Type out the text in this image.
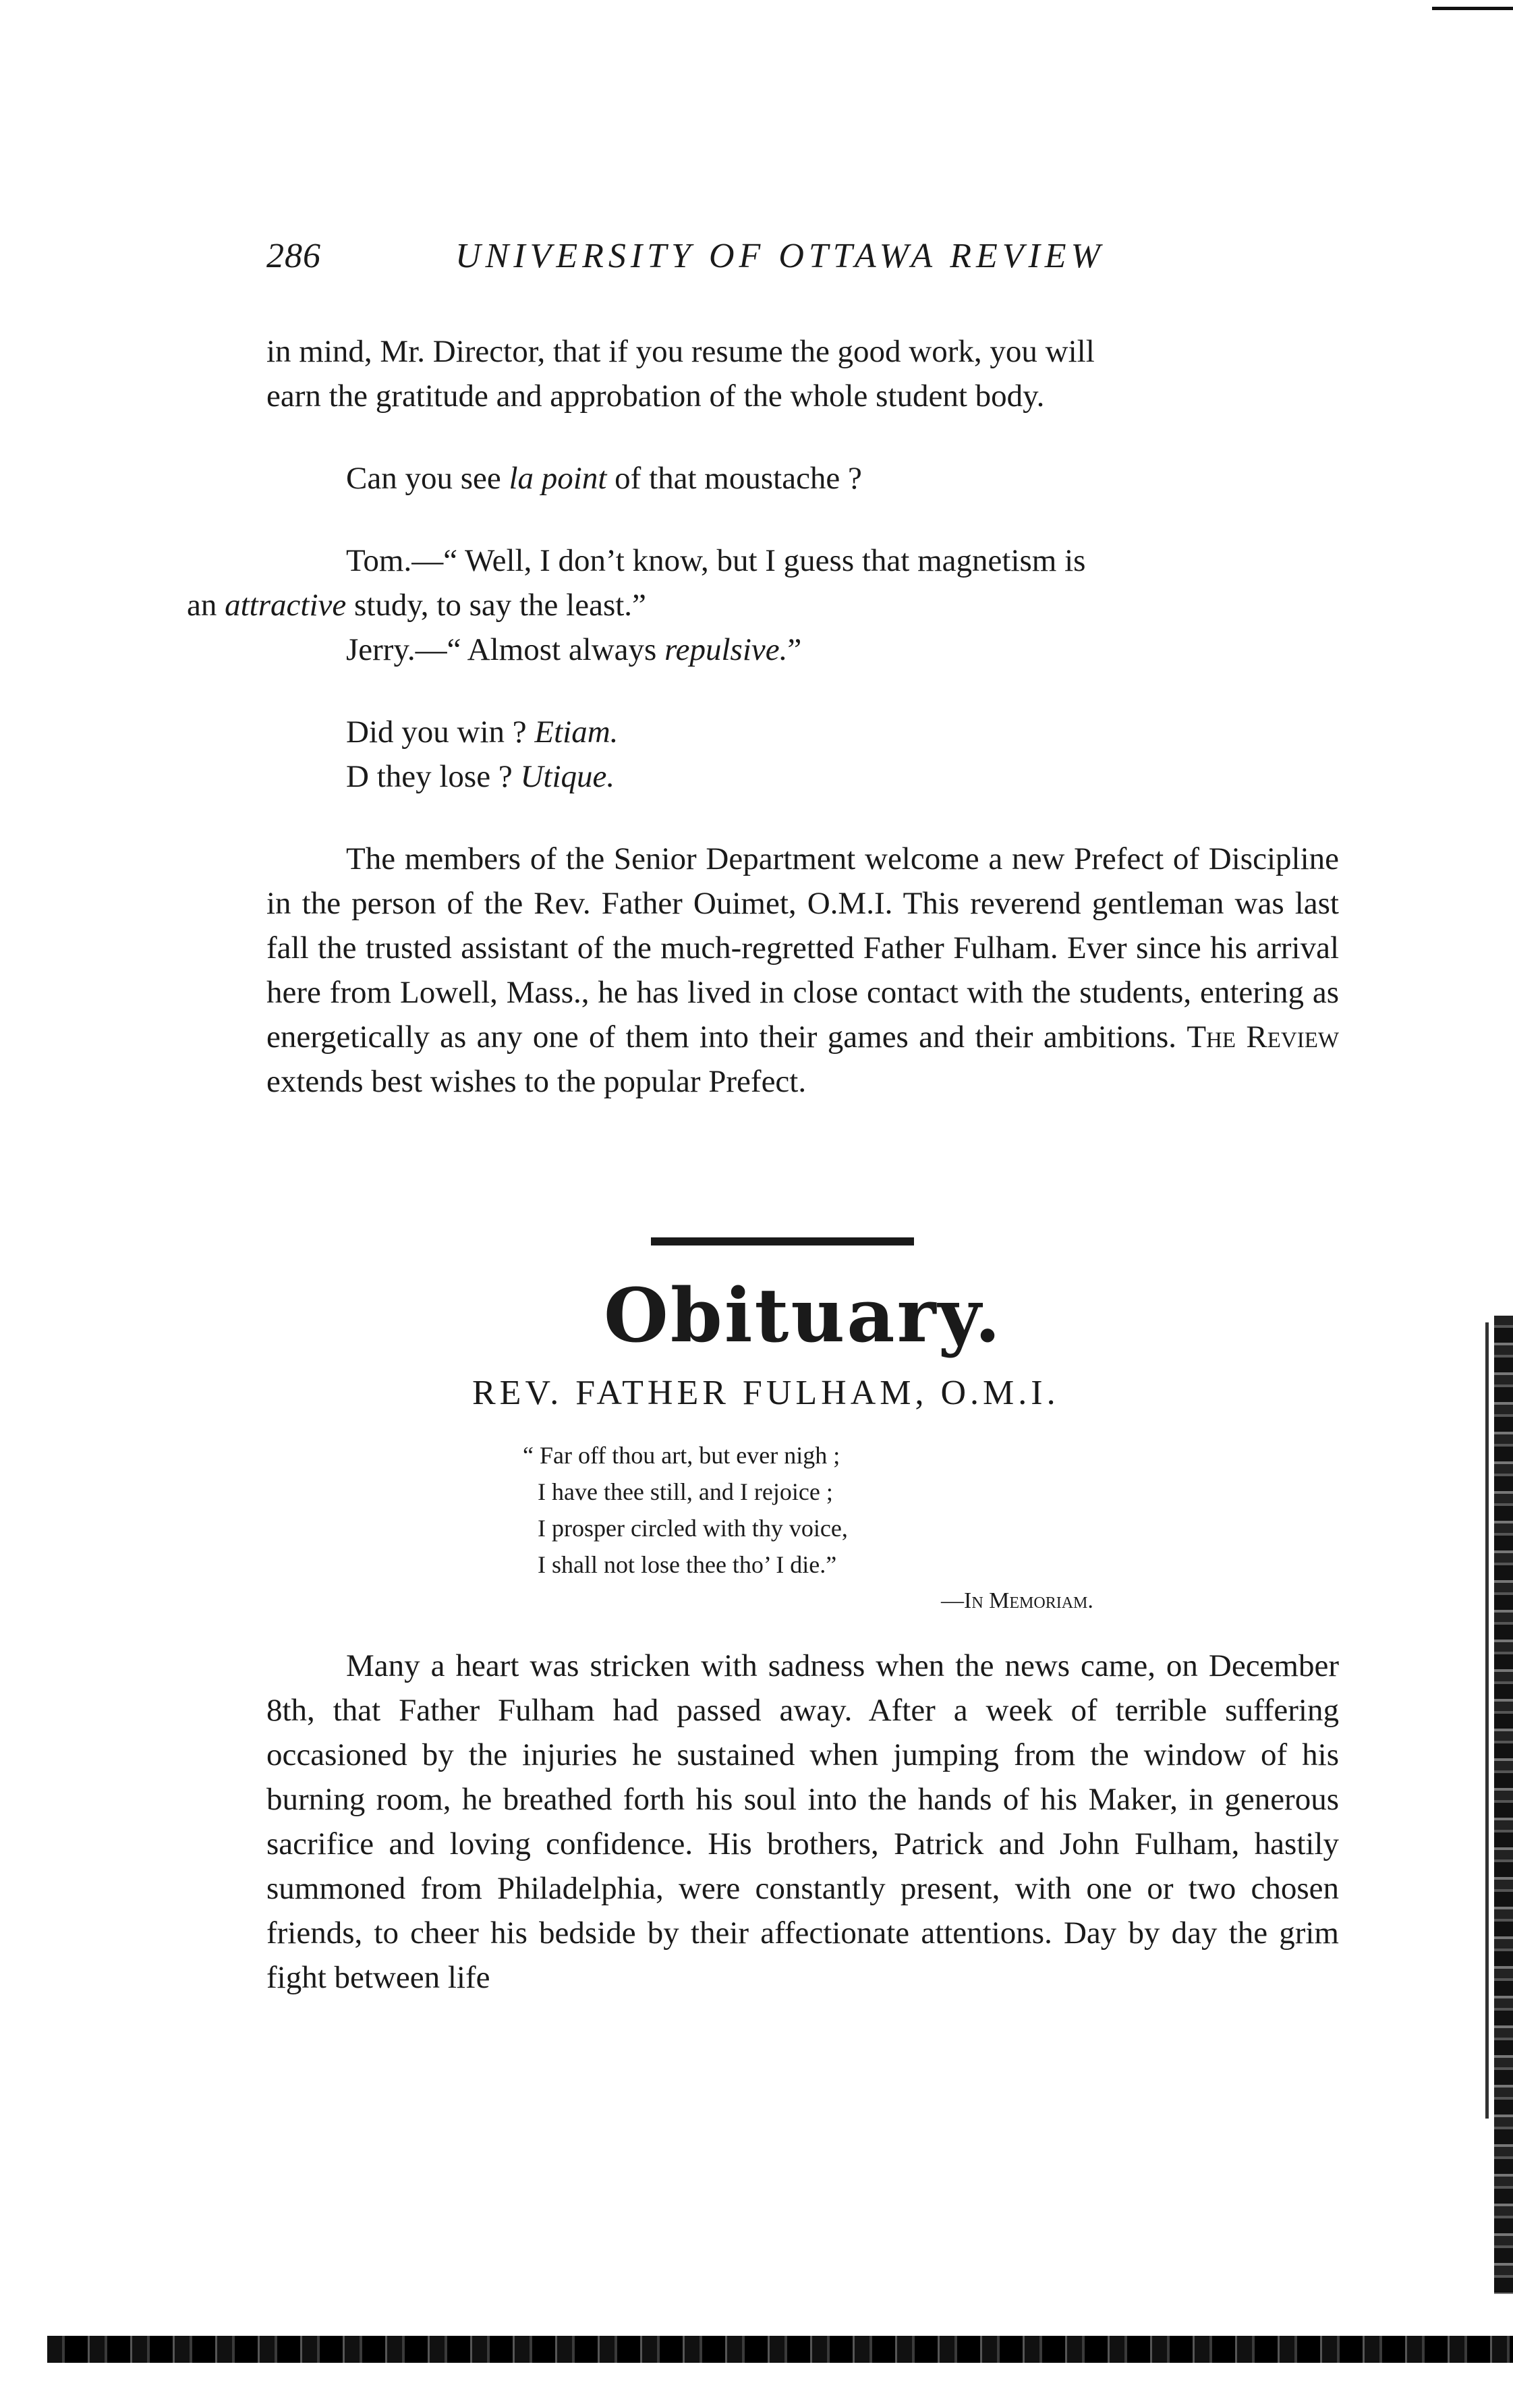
286	UNIVERSITY OF OTTAWA REVIEW

in mind, Mr. Director, that if you resume the good work, you will
earn the gratitude and approbation of the whole student body.

Can you see la point of that moustache ?

Tom.—“ Well, I don’t know, but I guess that magnetism is
an attractive study, to say the least.”

Jerry.—“ Almost always repulsive.”

Did you win ? Etiam.

D they lose ? Utique.

The members of the Senior Department welcome a new Prefect of Discipline in the person of the Rev. Father Ouimet, O.M.I. This reverend gentleman was last fall the trusted assistant of the much-regretted Father Fulham. Ever since his arrival here from Lowell, Mass., he has lived in close contact with the students, entering as energetically as any one of them into their games and their ambitions. The Review extends best wishes to the popular Prefect.

Obituary.
REV. FATHER FULHAM, O.M.I.
“ Far off thou art, but ever nigh ;
I have thee still, and I rejoice ;
I prosper circled with thy voice,
I shall not lose thee tho’ I die.”
—In Memoriam.

Many a heart was stricken with sadness when the news came, on December 8th, that Father Fulham had passed away. After a week of terrible suffering occasioned by the injuries he sustained when jumping from the window of his burning room, he breathed forth his soul into the hands of his Maker, in generous sacrifice and loving confidence. His brothers, Patrick and John Fulham, hastily summoned from Philadelphia, were constantly present, with one or two chosen friends, to cheer his bedside by their affectionate attentions. Day by day the grim fight between life
